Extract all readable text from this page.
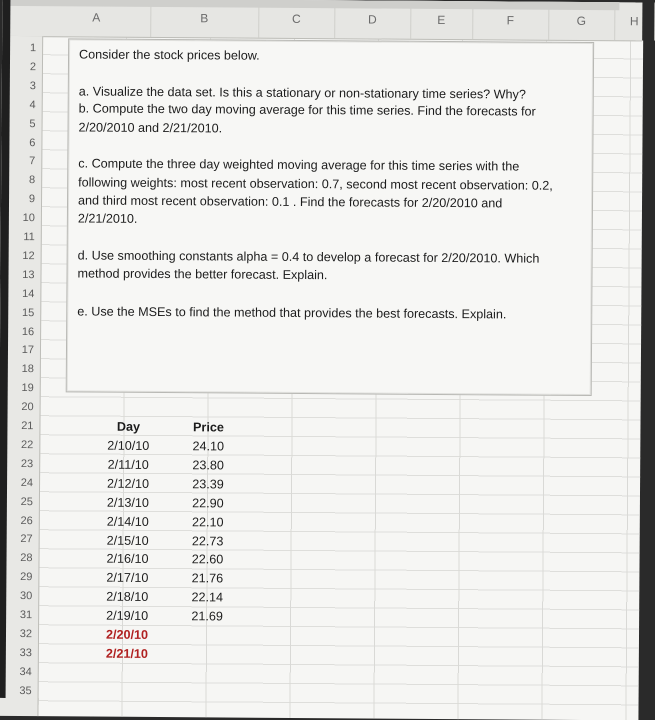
A	B	C	D	E	F	G	H
1
2
3
4
5
6
7
8
9
10
11
12
13
14
15
16
17
18
19
20
21
22
23
24
25
26
27
28
29
30
31
32
33
34
35
Consider the stock prices below.
a. Visualize the data set. Is this a stationary or non-stationary time series? Why?
b. Compute the two day moving average for this time series. Find the forecasts for
2/20/2010 and 2/21/2010.
c. Compute the three day weighted moving average for this time series with the
following weights: most recent observation: 0.7, second most recent observation: 0.2,
and third most recent observation: 0.1 . Find the forecasts for 2/20/2010 and
2/21/2010.
d. Use smoothing constants alpha = 0.4 to develop a forecast for 2/20/2010. Which
method provides the better forecast. Explain.
e. Use the MSEs to find the method that provides the best forecasts. Explain.
Day	Price
2/10/10	24.10
2/11/10	23.80
2/12/10	23.39
2/13/10	22.90
2/14/10	22.10
2/15/10	22.73
2/16/10	22.60
2/17/10	21.76
2/18/10	22.14
2/19/10	21.69
2/20/10
2/21/10
